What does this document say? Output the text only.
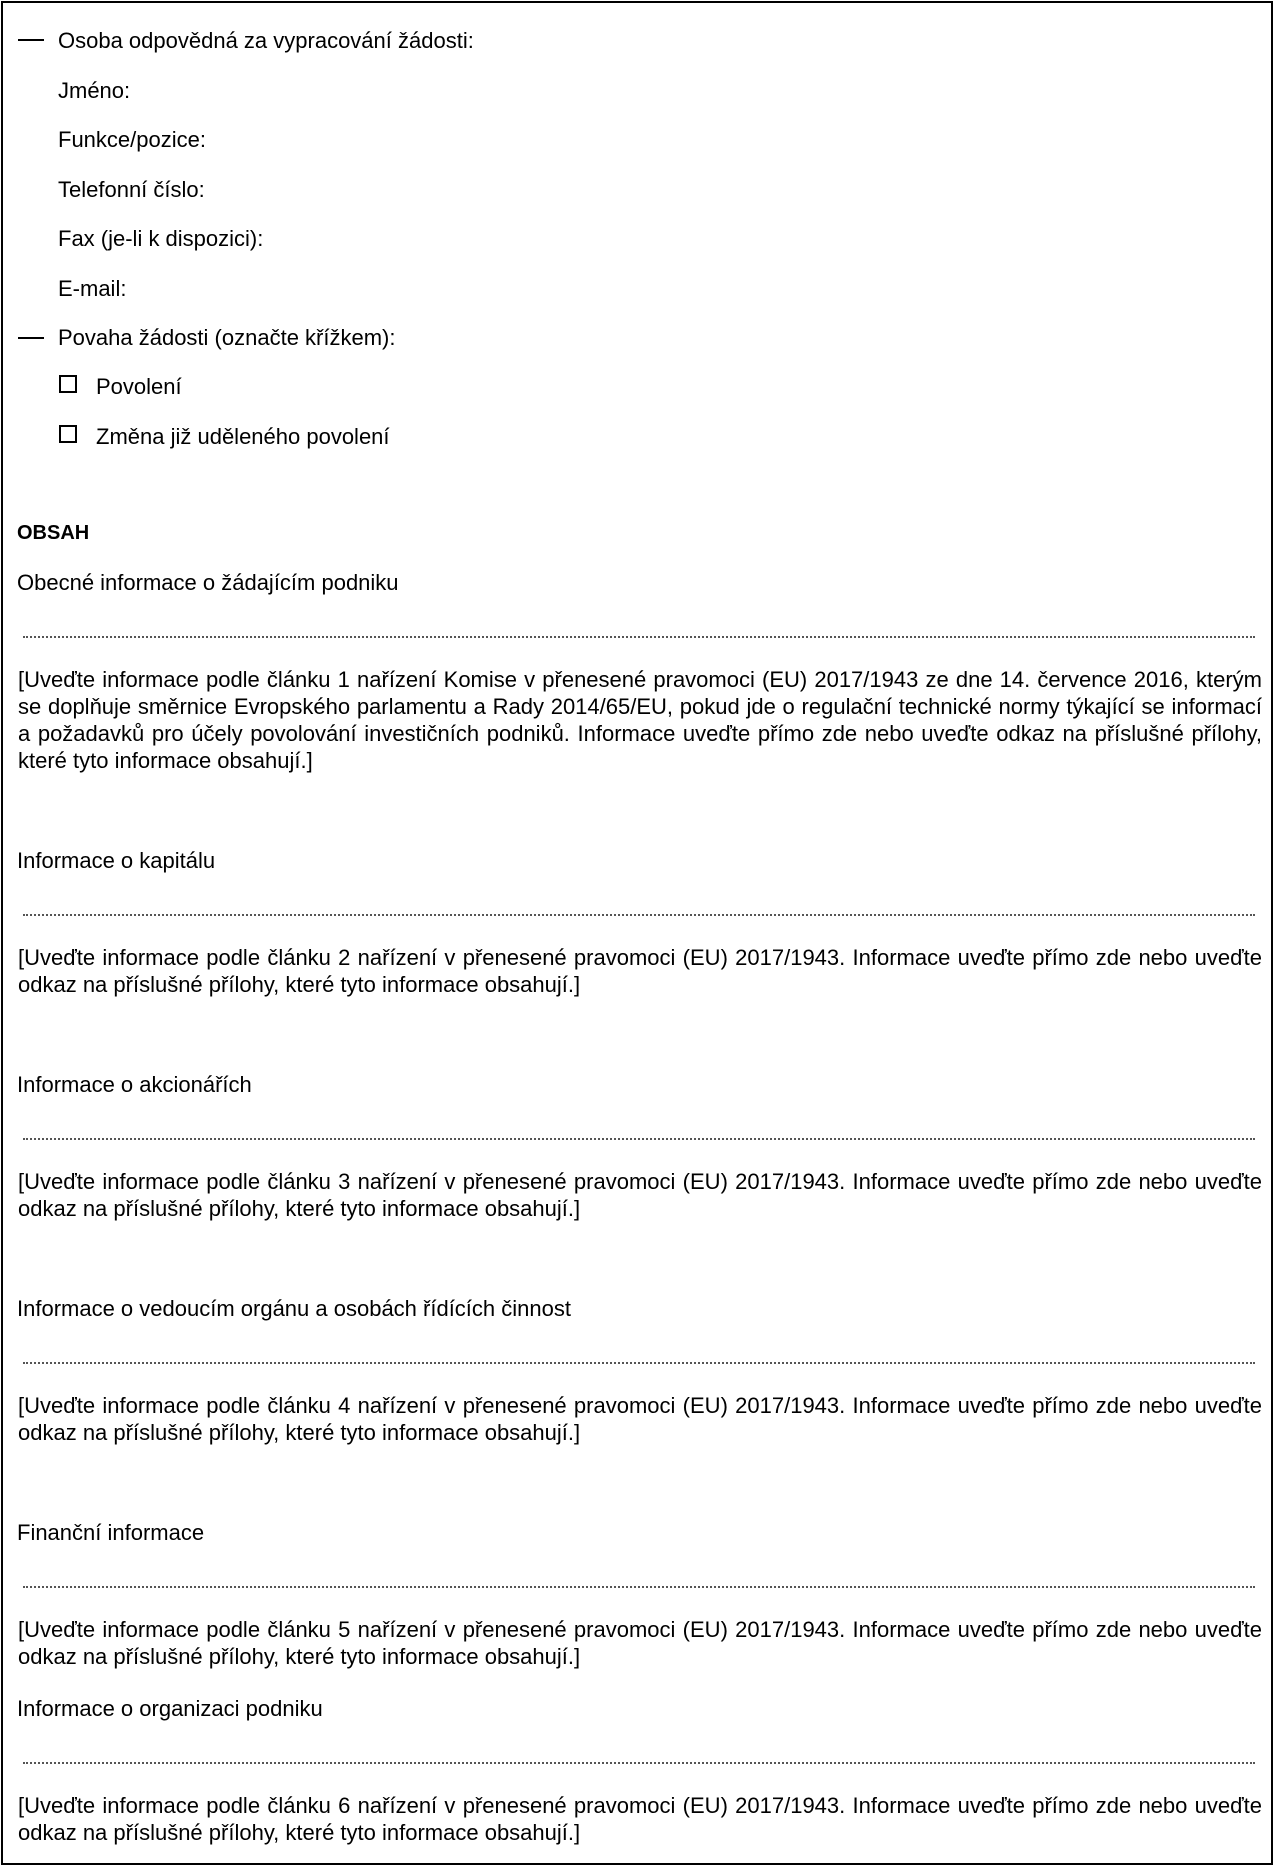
Osoba odpovědná za vypracování žádosti:
Jméno:
Funkce/pozice:
Telefonní číslo:
Fax (je-li k dispozici):
E-mail:
Povaha žádosti (označte křížkem):
Povolení
Změna již uděleného povolení
OBSAH
Obecné informace o žádajícím podniku
[Uveďte informace podle článku 1 nařízení Komise v přenesené pravomoci (EU) 2017/1943 ze dne 14. července 2016, kterým se doplňuje směrnice Evropského parlamentu a Rady 2014/65/EU, pokud jde o regulační technické normy týkající se informací a požadavků pro účely povolování investičních podniků. Informace uveďte přímo zde nebo uveďte odkaz na příslušné přílohy, které tyto informace obsahují.]
Informace o kapitálu
[Uveďte informace podle článku 2 nařízení v přenesené pravomoci (EU) 2017/1943. Informace uveďte přímo zde nebo uveďte odkaz na příslušné přílohy, které tyto informace obsahují.]
Informace o akcionářích
[Uveďte informace podle článku 3 nařízení v přenesené pravomoci (EU) 2017/1943. Informace uveďte přímo zde nebo uveďte odkaz na příslušné přílohy, které tyto informace obsahují.]
Informace o vedoucím orgánu a osobách řídících činnost
[Uveďte informace podle článku 4 nařízení v přenesené pravomoci (EU) 2017/1943. Informace uveďte přímo zde nebo uveďte odkaz na příslušné přílohy, které tyto informace obsahují.]
Finanční informace
[Uveďte informace podle článku 5 nařízení v přenesené pravomoci (EU) 2017/1943. Informace uveďte přímo zde nebo uveďte odkaz na příslušné přílohy, které tyto informace obsahují.]
Informace o organizaci podniku
[Uveďte informace podle článku 6 nařízení v přenesené pravomoci (EU) 2017/1943. Informace uveďte přímo zde nebo uveďte odkaz na příslušné přílohy, které tyto informace obsahují.]
